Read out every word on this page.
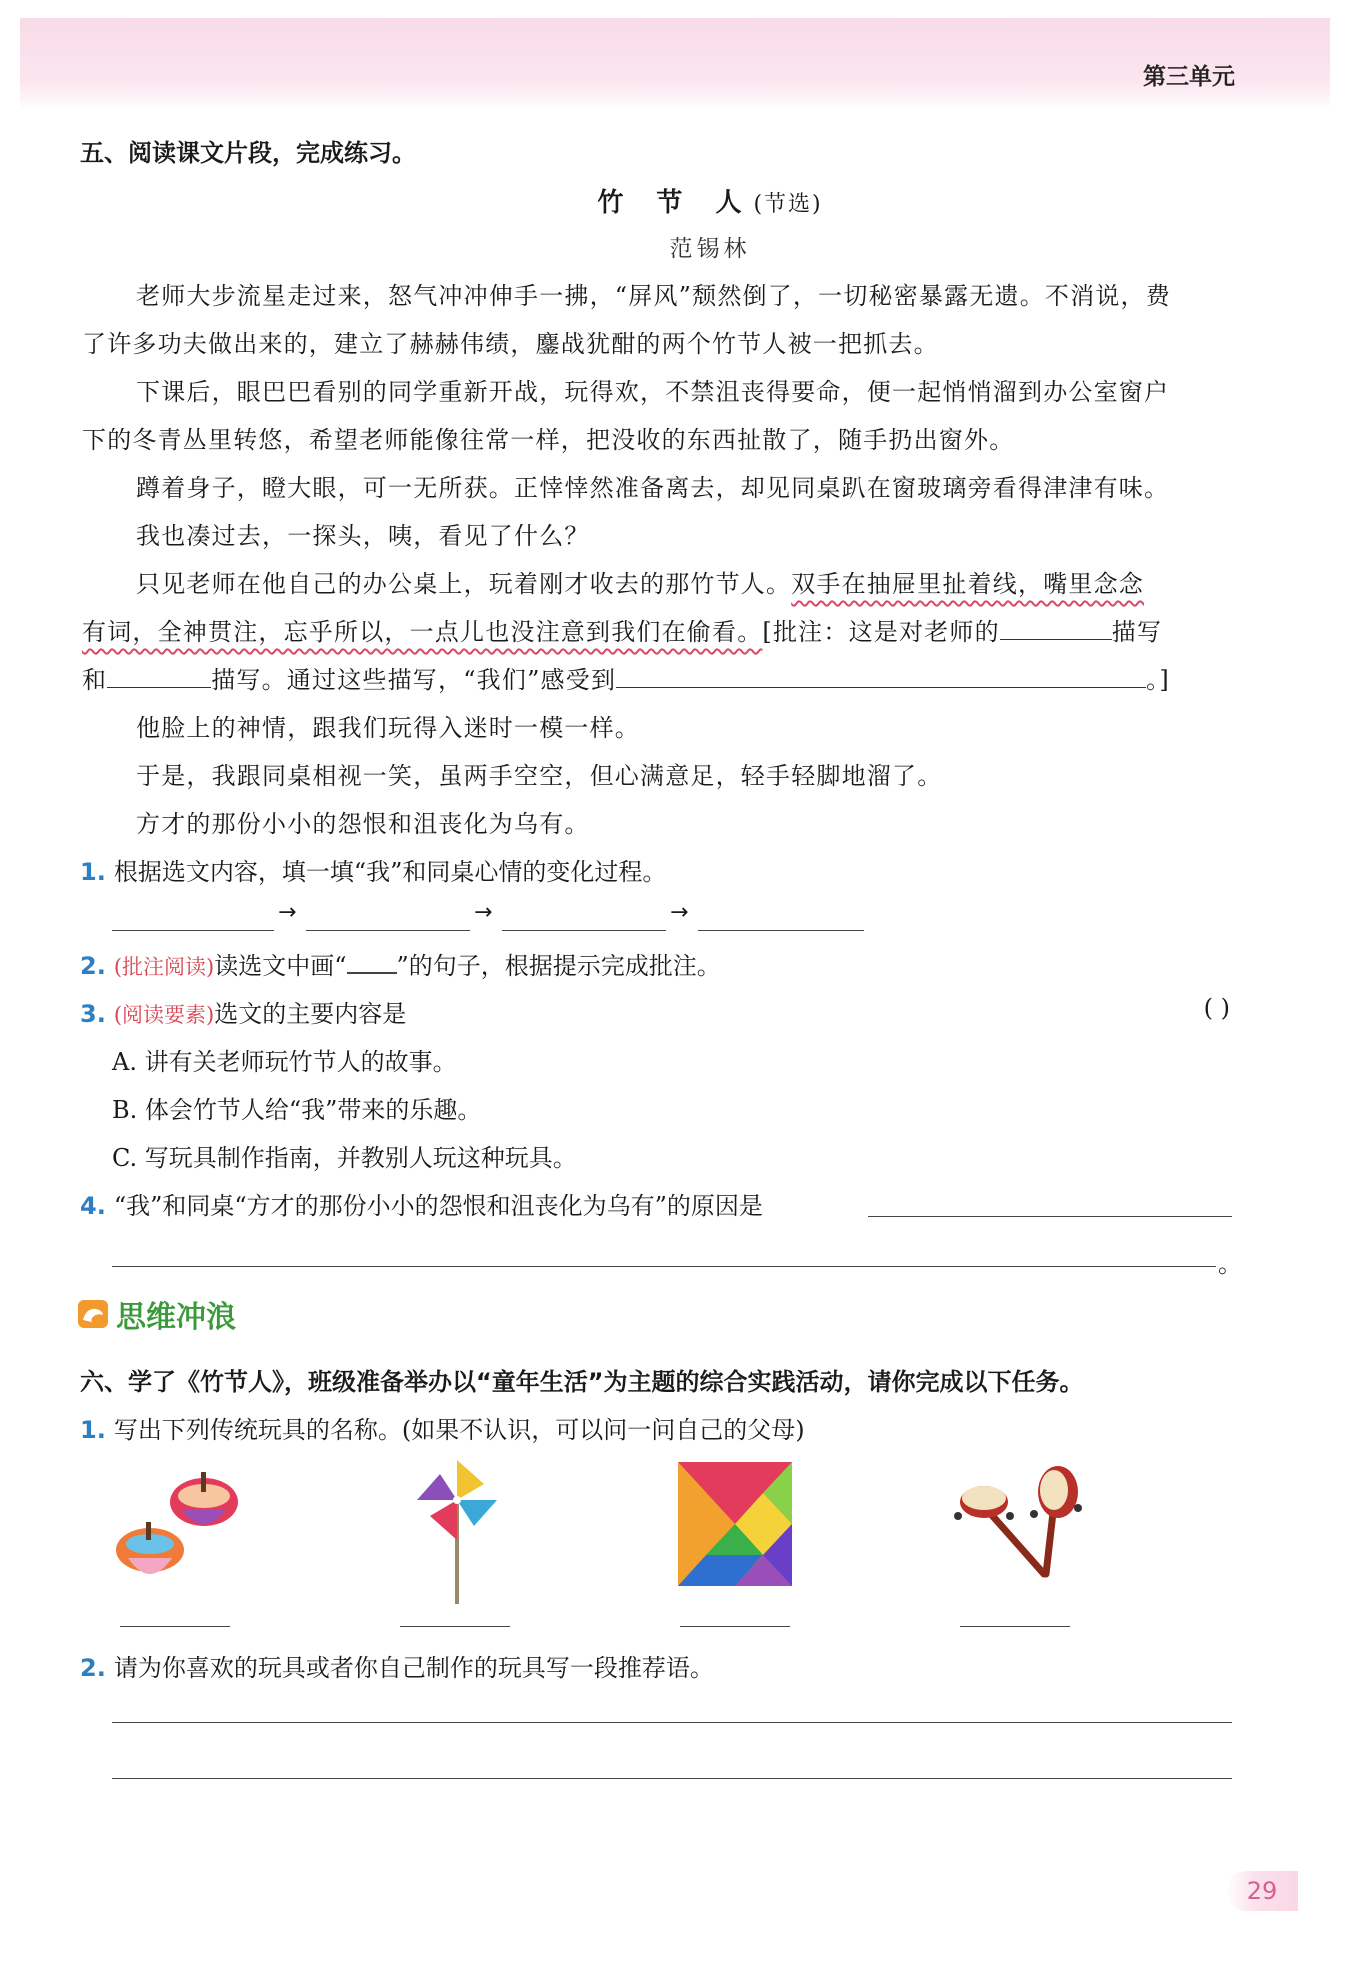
第三单元
五、阅读课文片段，完成练习。
竹 节 人(节选)
范锡林
老师大步流星走过来，怒气冲冲伸手一拂，“屏风”颓然倒了，一切秘密暴露无遗。不消说，费
了许多功夫做出来的，建立了赫赫伟绩，鏖战犹酣的两个竹节人被一把抓去。
下课后，眼巴巴看别的同学重新开战，玩得欢，不禁沮丧得要命，便一起悄悄溜到办公室窗户
下的冬青丛里转悠，希望老师能像往常一样，把没收的东西扯散了，随手扔出窗外。
蹲着身子，瞪大眼，可一无所获。正悻悻然准备离去，却见同桌趴在窗玻璃旁看得津津有味。
我也凑过去，一探头，咦，看见了什么？
只见老师在他自己的办公桌上，玩着刚才收去的那竹节人。双手在抽屉里扯着线，嘴里念念
有词，全神贯注，忘乎所以，一点儿也没注意到我们在偷看。[批注：这是对老师的	描写
和	描写。通过这些描写，“我们”感受到	。]
他脸上的神情，跟我们玩得入迷时一模一样。
于是，我跟同桌相视一笑，虽两手空空，但心满意足，轻手轻脚地溜了。
方才的那份小小的怨恨和沮丧化为乌有。
1. 根据选文内容，填一填“我”和同桌心情的变化过程。
→	→	→
2. (批注阅读)读选文中画“ ”的句子，根据提示完成批注。
3. (阅读要素)选文的主要内容是	( )
A. 讲有关老师玩竹节人的故事。
B. 体会竹节人给“我”带来的乐趣。
C. 写玩具制作指南，并教别人玩这种玩具。
4. “我”和同桌“方才的那份小小的怨恨和沮丧化为乌有”的原因是
。
思维冲浪
六、学了《竹节人》，班级准备举办以“童年生活”为主题的综合实践活动，请你完成以下任务。
1. 写出下列传统玩具的名称。(如果不认识，可以问一问自己的父母)
2. 请为你喜欢的玩具或者你自己制作的玩具写一段推荐语。
29
